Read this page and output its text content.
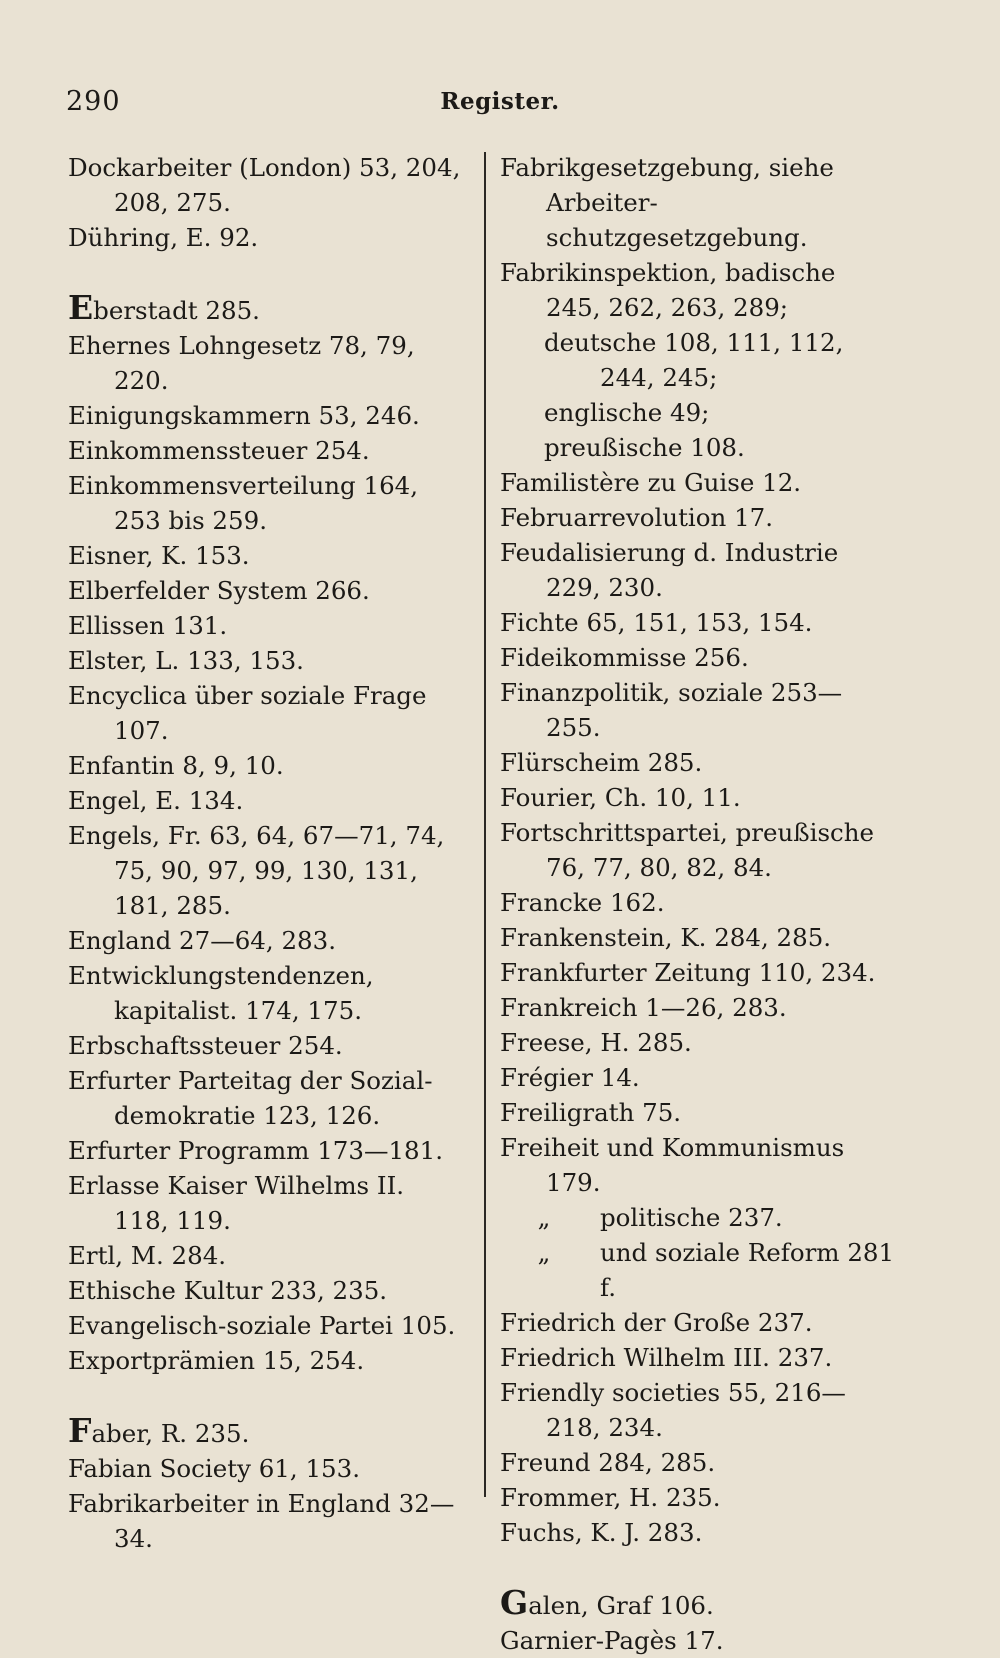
290	Register.

Dockarbeiter (London) 53, 204, 208, 275.

Dühring, E. 92.

Eberstadt 285.

Ehernes Lohngesetz 78, 79, 220.

Einigungskammern 53, 246.

Einkommenssteuer 254.

Einkommensverteilung 164, 253 bis 259.

Eisner, K. 153.

Elberfelder System 266.

Ellissen 131.

Elster, L. 133, 153.

Encyclica über soziale Frage 107.

Enfantin 8, 9, 10.

Engel, E. 134.

Engels, Fr. 63, 64, 67—71, 74, 75, 90, 97, 99, 130, 131, 181, 285.

England 27—64, 283.

Entwicklungstendenzen, kapitalist. 174, 175.

Erbschaftssteuer 254.

Erfurter Parteitag der Sozial-demokratie 123, 126.

Erfurter Programm 173—181.

Erlasse Kaiser Wilhelms II. 118, 119.

Ertl, M. 284.

Ethische Kultur 233, 235.

Evangelisch-soziale Partei 105.

Exportprämien 15, 254.

Faber, R. 235.

Fabian Society 61, 153.

Fabrikarbeiter in England 32—34.

Fabrikgesetzgebung, siehe Arbeiter-schutzgesetzgebung.

Fabrikinspektion, badische 245, 262, 263, 289;

deutsche 108, 111, 112, 244, 245;

englische 49;

preußische 108.

Familistère zu Guise 12.

Februarrevolution 17.

Feudalisierung d. Industrie 229, 230.

Fichte 65, 151, 153, 154.

Fideikommisse 256.

Finanzpolitik, soziale 253—255.

Flürscheim 285.

Fourier, Ch. 10, 11.

Fortschrittspartei, preußische 76, 77, 80, 82, 84.

Francke 162.

Frankenstein, K. 284, 285.

Frankfurter Zeitung 110, 234.

Frankreich 1—26, 283.

Freese, H. 285.

Frégier 14.

Freiligrath 75.

Freiheit und Kommunismus 179.

„ politische 237.

„ und soziale Reform 281 f.

Friedrich der Große 237.

Friedrich Wilhelm III. 237.

Friendly societies 55, 216—218, 234.

Freund 284, 285.

Frommer, H. 235.

Fuchs, K. J. 283.

Galen, Graf 106.

Garnier-Pagès 17.
